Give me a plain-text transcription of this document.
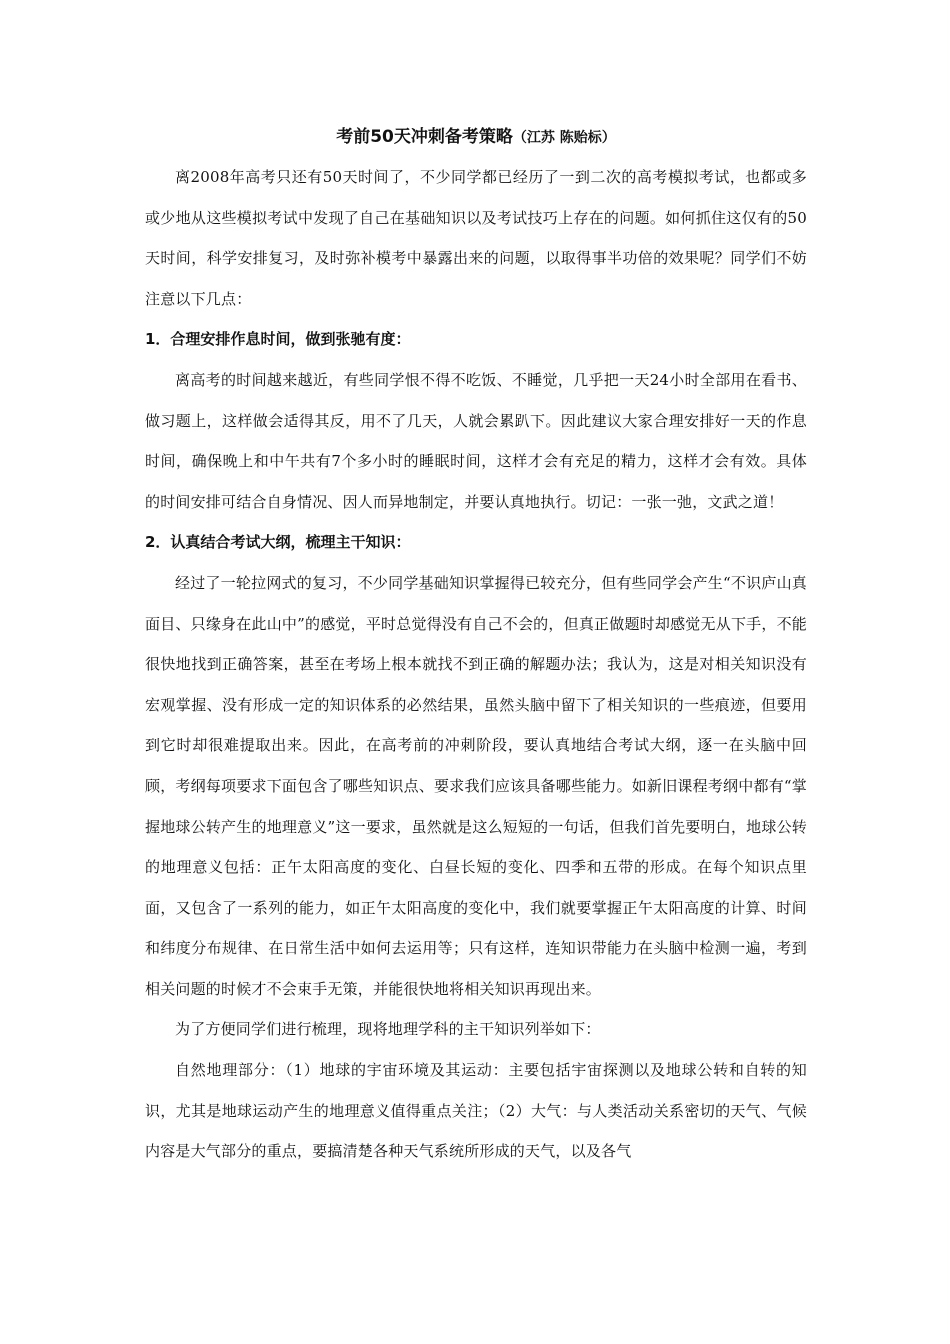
考前50天冲刺备考策略（江苏 陈贻标）

离2008年高考只还有50天时间了，不少同学都已经历了一到二次的高考模拟考试，也都或多或少地从这些模拟考试中发现了自己在基础知识以及考试技巧上存在的问题。如何抓住这仅有的50天时间，科学安排复习，及时弥补模考中暴露出来的问题，以取得事半功倍的效果呢？同学们不妨注意以下几点：

1．合理安排作息时间，做到张驰有度：

离高考的时间越来越近，有些同学恨不得不吃饭、不睡觉，几乎把一天24小时全部用在看书、做习题上，这样做会适得其反，用不了几天，人就会累趴下。因此建议大家合理安排好一天的作息时间，确保晚上和中午共有7个多小时的睡眠时间，这样才会有充足的精力，这样才会有效。具体的时间安排可结合自身情况、因人而异地制定，并要认真地执行。切记：一张一弛，文武之道！

2．认真结合考试大纲，梳理主干知识：

经过了一轮拉网式的复习，不少同学基础知识掌握得已较充分，但有些同学会产生“不识庐山真面目、只缘身在此山中”的感觉，平时总觉得没有自己不会的，但真正做题时却感觉无从下手，不能很快地找到正确答案，甚至在考场上根本就找不到正确的解题办法；我认为，这是对相关知识没有宏观掌握、没有形成一定的知识体系的必然结果，虽然头脑中留下了相关知识的一些痕迹，但要用到它时却很难提取出来。因此，在高考前的冲刺阶段，要认真地结合考试大纲，逐一在头脑中回顾，考纲每项要求下面包含了哪些知识点、要求我们应该具备哪些能力。如新旧课程考纲中都有“掌握地球公转产生的地理意义”这一要求，虽然就是这么短短的一句话，但我们首先要明白，地球公转的地理意义包括：正午太阳高度的变化、白昼长短的变化、四季和五带的形成。在每个知识点里面，又包含了一系列的能力，如正午太阳高度的变化中，我们就要掌握正午太阳高度的计算、时间和纬度分布规律、在日常生活中如何去运用等；只有这样，连知识带能力在头脑中检测一遍，考到相关问题的时候才不会束手无策，并能很快地将相关知识再现出来。

为了方便同学们进行梳理，现将地理学科的主干知识列举如下：

自然地理部分：（1）地球的宇宙环境及其运动：主要包括宇宙探测以及地球公转和自转的知识，尤其是地球运动产生的地理意义值得重点关注；（2）大气：与人类活动关系密切的天气、气候内容是大气部分的重点，要搞清楚各种天气系统所形成的天气，以及各气
